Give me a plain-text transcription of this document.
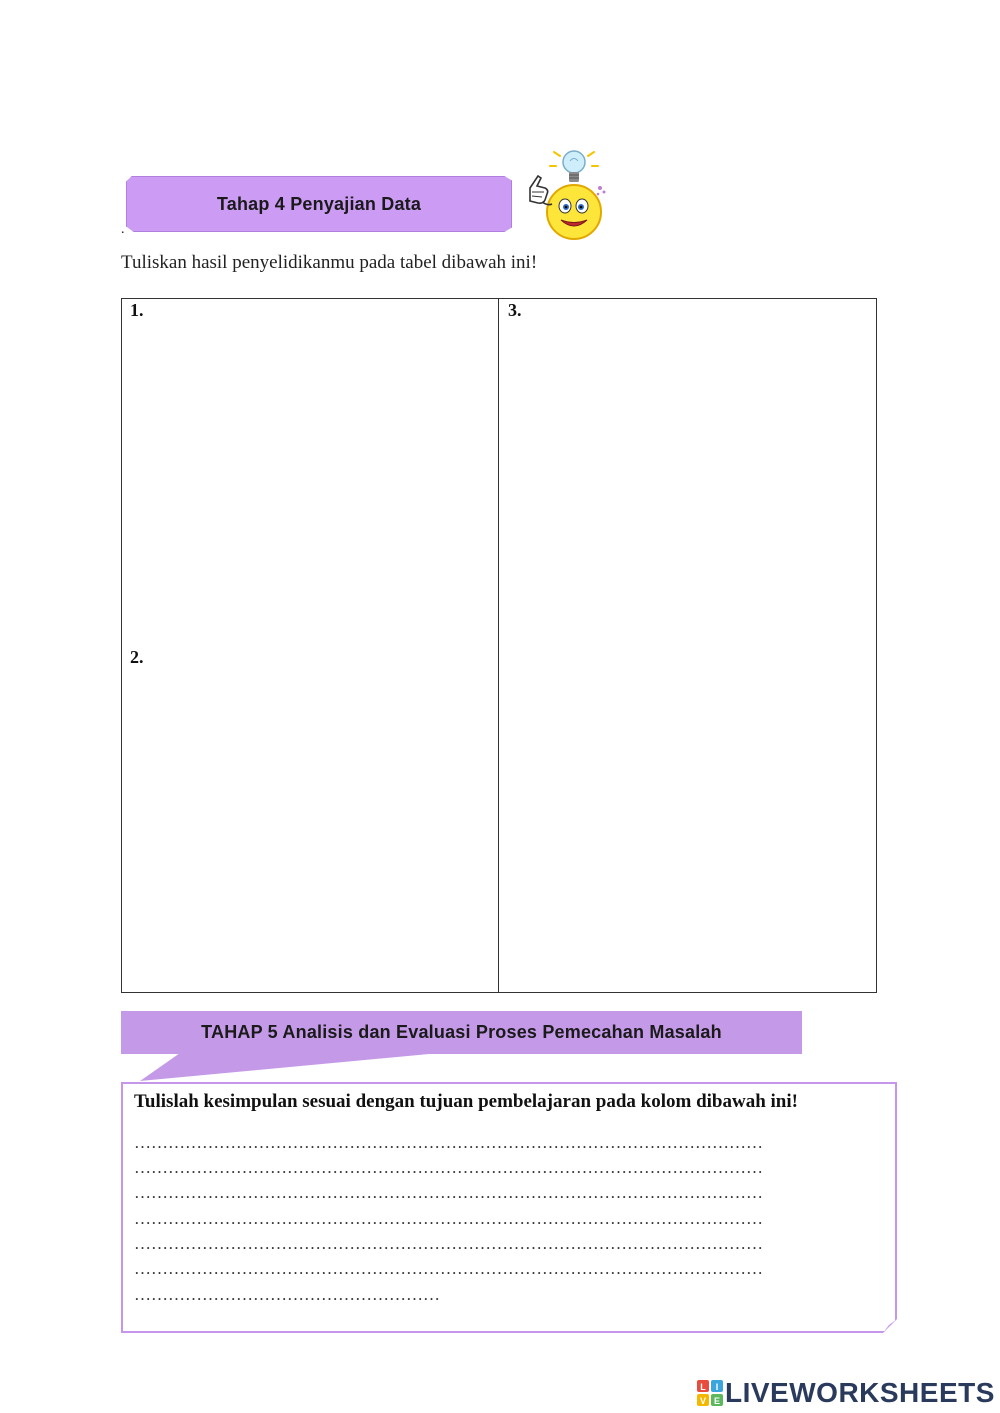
Tahap 4 Penyajian Data
.
Tuliskan hasil penyelidikanmu pada tabel dibawah ini!
1.
2.
3.
TAHAP 5 Analisis dan Evaluasi Proses Pemecahan Masalah
Tulislah kesimpulan sesuai dengan tujuan pembelajaran pada kolom dibawah ini!
…………………………………………………………………………………………………
…………………………………………………………………………………………………
…………………………………………………………………………………………………
…………………………………………………………………………………………………
…………………………………………………………………………………………………
…………………………………………………………………………………………………
………………………………………………
L I
V E LIVEWORKSHEETS
